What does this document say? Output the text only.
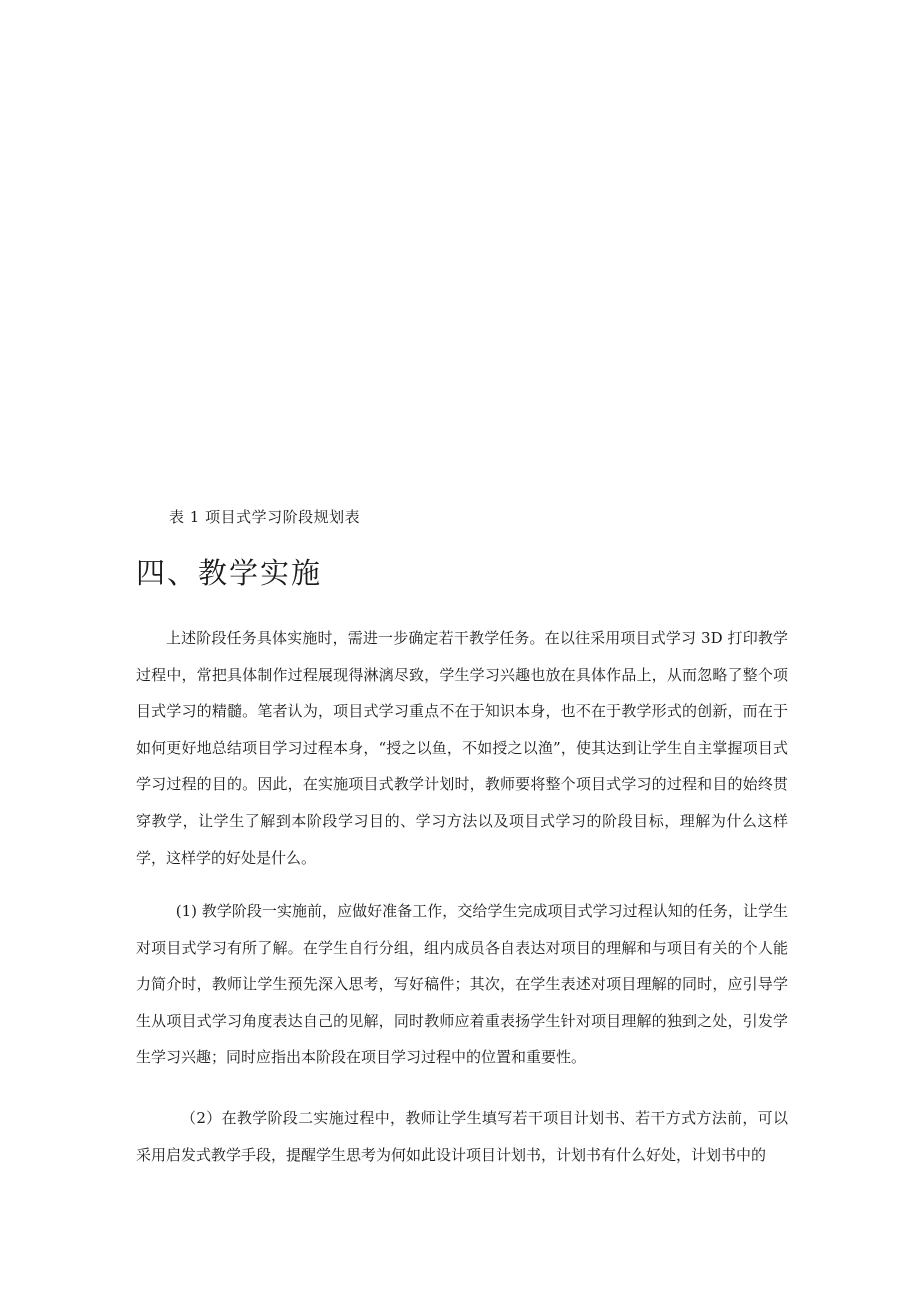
表 1 项目式学习阶段规划表
四、教学实施

上述阶段任务具体实施时，需进一步确定若干教学任务。在以往采用项目式学习 3D 打印教学过程中，常把具体制作过程展现得淋漓尽致，学生学习兴趣也放在具体作品上，从而忽略了整个项目式学习的精髓。笔者认为，项目式学习重点不在于知识本身，也不在于教学形式的创新，而在于如何更好地总结项目学习过程本身，“授之以鱼，不如授之以渔”，使其达到让学生自主掌握项目式学习过程的目的。因此，在实施项目式教学计划时，教师要将整个项目式学习的过程和目的始终贯穿教学，让学生了解到本阶段学习目的、学习方法以及项目式学习的阶段目标，理解为什么这样学，这样学的好处是什么。

(1) 教学阶段一实施前，应做好准备工作，交给学生完成项目式学习过程认知的任务，让学生对项目式学习有所了解。在学生自行分组，组内成员各自表达对项目的理解和与项目有关的个人能力简介时，教师让学生预先深入思考，写好稿件；其次，在学生表述对项目理解的同时，应引导学生从项目式学习角度表达自己的见解，同时教师应着重表扬学生针对项目理解的独到之处，引发学生学习兴趣；同时应指出本阶段在项目学习过程中的位置和重要性。

（2）在教学阶段二实施过程中，教师让学生填写若干项目计划书、若干方式方法前，可以采用启发式教学手段，提醒学生思考为何如此设计项目计划书，计划书有什么好处，计划书中的
